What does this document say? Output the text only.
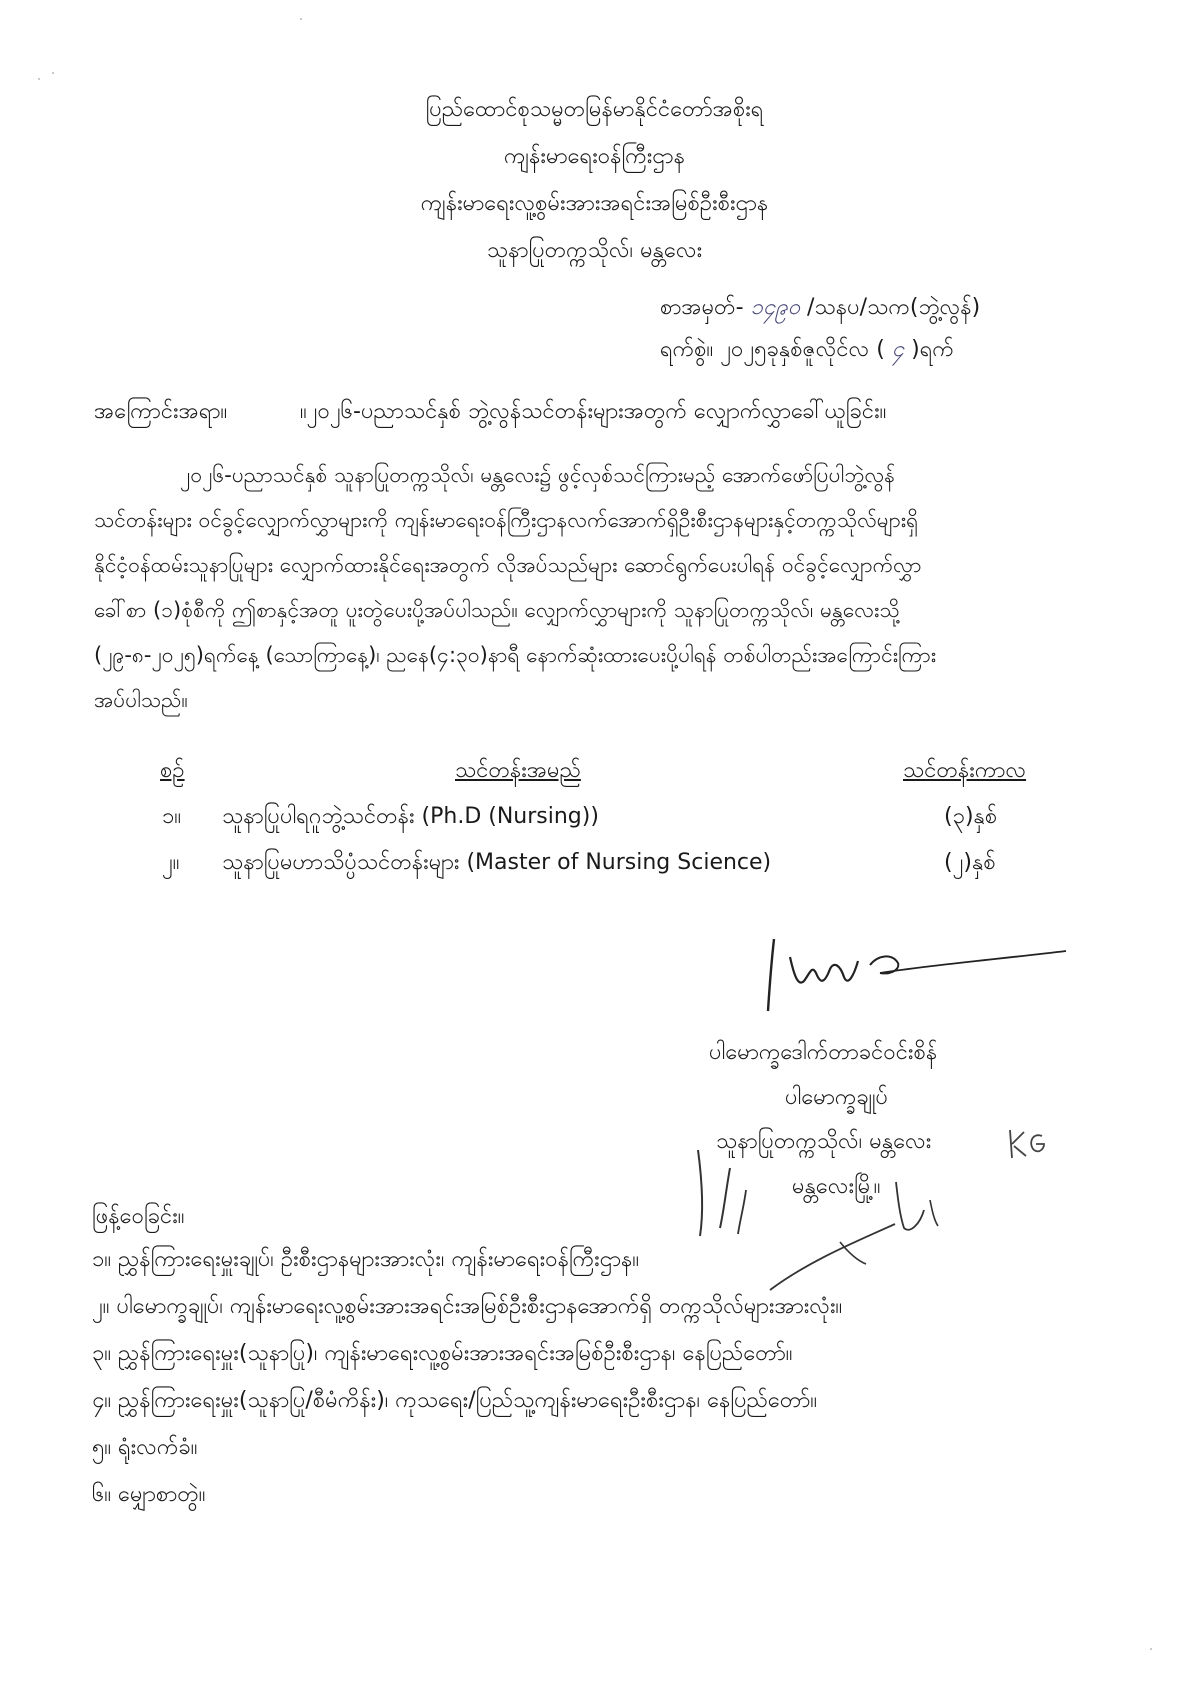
ပြည်ထောင်စုသမ္မတမြန်မာနိုင်ငံတော်အစိုးရ
ကျန်းမာရေးဝန်ကြီးဌာန
ကျန်းမာရေးလူ့စွမ်းအားအရင်းအမြစ်ဦးစီးဌာန
သူနာပြုတက္ကသိုလ်၊ မန္တလေး
စာအမှတ်- ၁၄၉၀ /သနပ/သက(ဘွဲ့လွန်)
ရက်စွဲ။ ၂၀၂၅ခုနှစ်ဇူလိုင်လ ( ၄ )ရက်
အကြောင်းအရာ။	။၂၀၂၆-ပညာသင်နှစ် ဘွဲ့လွန်သင်တန်းများအတွက် လျှောက်လွှာခေါ်ယူခြင်း။
၂၀၂၆-ပညာသင်နှစ် သူနာပြုတက္ကသိုလ်၊ မန္တလေး၌ ဖွင့်လှစ်သင်ကြားမည့် အောက်ဖော်ပြပါဘွဲ့လွန်
သင်တန်းများ ဝင်ခွင့်လျှောက်လွှာများကို ကျန်းမာရေးဝန်ကြီးဌာနလက်အောက်ရှိဦးစီးဌာနများနှင့်တက္ကသိုလ်များရှိ
နိုင်ငံ့ဝန်ထမ်းသူနာပြုများ လျှောက်ထားနိုင်ရေးအတွက် လိုအပ်သည်များ ဆောင်ရွက်ပေးပါရန် ဝင်ခွင့်လျှောက်လွှာ
ခေါ်စာ (၁)စုံစီကို ဤစာနှင့်အတူ ပူးတွဲပေးပို့အပ်ပါသည်။ လျှောက်လွှာများကို သူနာပြုတက္ကသိုလ်၊ မန္တလေးသို့
(၂၉-၈-၂၀၂၅)ရက်နေ့ (သောကြာနေ့)၊ ညနေ(၄:၃၀)နာရီ နောက်ဆုံးထားပေးပို့ပါရန် တစ်ပါတည်းအကြောင်းကြား
အပ်ပါသည်။
စဉ်	သင်တန်းအမည်	သင်တန်းကာလ
၁။ သူနာပြုပါရဂူဘွဲ့သင်တန်း (Ph.D (Nursing))	(၃)နှစ်
၂။ သူနာပြုမဟာသိပ္ပံသင်တန်းများ (Master of Nursing Science)	(၂)နှစ်
ပါမောက္ခဒေါက်တာခင်ဝင်းစိန်
ပါမောက္ခချုပ်
သူနာပြုတက္ကသိုလ်၊ မန္တလေး
မန္တလေးမြို့။
ဖြန့်ဝေခြင်း။
၁။ ညွှန်ကြားရေးမှူးချုပ်၊ ဦးစီးဌာနများအားလုံး၊ ကျန်းမာရေးဝန်ကြီးဌာန။
၂။ ပါမောက္ခချုပ်၊ ကျန်းမာရေးလူ့စွမ်းအားအရင်းအမြစ်ဦးစီးဌာနအောက်ရှိ တက္ကသိုလ်များအားလုံး။
၃။ ညွှန်ကြားရေးမှူး(သူနာပြု)၊ ကျန်းမာရေးလူ့စွမ်းအားအရင်းအမြစ်ဦးစီးဌာန၊ နေပြည်တော်။
၄။ ညွှန်ကြားရေးမှူး(သူနာပြု/စီမံကိန်း)၊ ကုသရေး/ပြည်သူ့ကျန်းမာရေးဦးစီးဌာန၊ နေပြည်တော်။
၅။ ရုံးလက်ခံ။
၆။ မျှောစာတွဲ။
